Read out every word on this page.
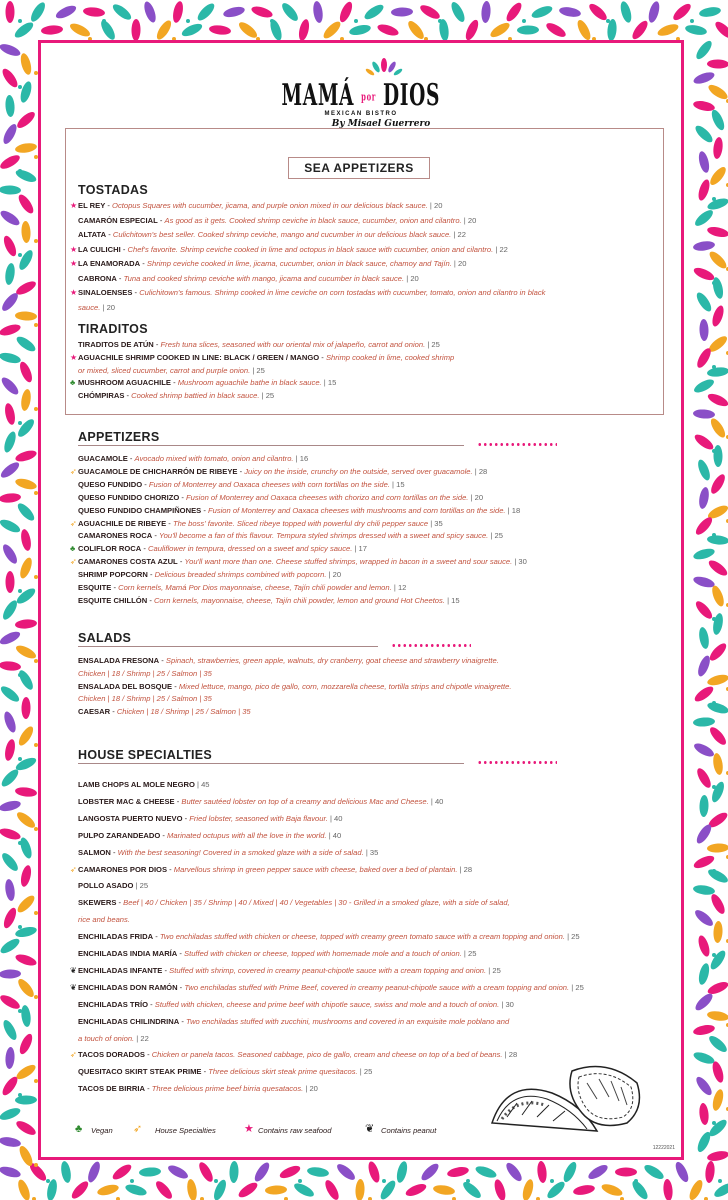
MAMÁ por DIOS
MEXICAN BISTRO
By Misael Guerrero
SEA APPETIZERS
TOSTADAS
★ EL REY - Octopus Squares with cucumber, jicama, and purple onion mixed in our delicious black sauce. | 20
CAMARÓN ESPECIAL - As good as it gets. Cooked shrimp ceviche in black sauce, cucumber, onion and cilantro. | 20
ALTATA - Culichitown's best seller. Cooked shrimp ceviche, mango and cucumber in our delicious black sauce. | 22
★ LA CULICHI - Chef's favorite. Shrimp ceviche cooked in lime and octopus in black sauce with cucumber, onion and cilantro. | 22
★ LA ENAMORADA - Shrimp ceviche cooked in lime, jicama, cucumber, onion in black sauce, chamoy and Tajín. | 20
CABRONA - Tuna and cooked shrimp ceviche with mango, jicama and cucumber in black sauce. | 20
★ SINALOENSES - Culichitown's famous. Shrimp cooked in lime ceviche on corn tostadas with cucumber, tomato, onion and cilantro in black
sauce. | 20
TIRADITOS
TIRADITOS DE ATÚN - Fresh tuna slices, seasoned with our oriental mix of jalapeño, carrot and onion. | 25
★ AGUACHILE SHRIMP COOKED IN LINE: BLACK / GREEN / MANGO - Shrimp cooked in lime, cooked shrimp
or mixed, sliced cucumber, carrot and purple onion. | 25
♣ MUSHROOM AGUACHILE - Mushroom aguachile bathe in black sauce. | 15
CHÓMPIRAS - Cooked shrimp battied in black sauce. | 25
APPETIZERS
GUACAMOLE - Avocado mixed with tomato, onion and cilantro. | 16
➶ GUACAMOLE DE CHICHARRÓN DE RIBEYE - Juicy on the inside, crunchy on the outside, served over guacamole. | 28
QUESO FUNDIDO - Fusion of Monterrey and Oaxaca cheeses with corn tortillas on the side. | 15
QUESO FUNDIDO CHORIZO - Fusion of Monterrey and Oaxaca cheeses with chorizo and corn tortillas on the side. | 20
QUESO FUNDIDO CHAMPIÑONES - Fusion of Monterrey and Oaxaca cheeses with mushrooms and corn tortillas on the side. | 18
➶ AGUACHILE DE RIBEYE - The boss' favorite. Sliced ribeye topped with powerful dry chili pepper sauce | 35
CAMARONES ROCA - You'll become a fan of this flavour. Tempura styled shrimps dressed with a sweet and spicy sauce. | 25
♣ COLIFLOR ROCA - Cauliflower in tempura, dressed on a sweet and spicy sauce. | 17
➶ CAMARONES COSTA AZUL - You'll want more than one. Cheese stuffed shrimps, wrapped in bacon in a sweet and sour sauce. | 30
SHRIMP POPCORN - Delicious breaded shrimps combined with popcorn. | 20
ESQUITE - Corn kernels, Mamá Por Dios mayonnaise, cheese, Tajín chili powder and lemon. | 12
ESQUITE CHILLÓN - Corn kernels, mayonnaise, cheese, Tajín chili powder, lemon and ground Hot Cheetos. | 15
SALADS
ENSALADA FRESONA - Spinach, strawberries, green apple, walnuts, dry cranberry, goat cheese and strawberry vinaigrette.
Chicken | 18 / Shrimp | 25 / Salmon | 35
ENSALADA DEL BOSQUE - Mixed lettuce, mango, pico de gallo, corn, mozzarella cheese, tortilla strips and chipotle vinaigrette.
Chicken | 18 / Shrimp | 25 / Salmon | 35
CAESAR - Chicken | 18 / Shrimp | 25 / Salmon | 35
HOUSE SPECIALTIES
LAMB CHOPS AL MOLE NEGRO | 45
LOBSTER MAC & CHEESE - Butter sautéed lobster on top of a creamy and delicious Mac and Cheese. | 40
LANGOSTA PUERTO NUEVO - Fried lobster, seasoned with Baja flavour. | 40
PULPO ZARANDEADO - Marinated octupus with all the love in the world. | 40
SALMON - With the best seasoning! Covered in a smoked glaze with a side of salad. | 35
➶ CAMARONES POR DIOS - Marvellous shrimp in green pepper sauce with cheese, baked over a bed of plantain. | 28
POLLO ASADO | 25
SKEWERS - Beef | 40 / Chicken | 35 / Shrimp | 40 / Mixed | 40 / Vegetables | 30 - Grilled in a smoked glaze, with a side of salad,
rice and beans.
ENCHILADAS FRIDA - Two enchiladas stuffed with chicken or cheese, topped with creamy green tomato sauce with a cream topping and onion. | 25
ENCHILADAS INDIA MARÍA - Stuffed with chicken or cheese, topped with homemade mole and a touch of onion. | 25
❦ ENCHILADAS INFANTE - Stuffed with shrimp, covered in creamy peanut-chipotle sauce with a cream topping and onion. | 25
❦ ENCHILADAS DON RAMÓN - Two enchiladas stuffed with Prime Beef, covered in creamy peanut-chipotle sauce with a cream topping and onion. | 25
ENCHILADAS TRÍO - Stuffed with chicken, cheese and prime beef with chipotle sauce, swiss and mole and a touch of onion. | 30
ENCHILADAS CHILINDRINA - Two enchiladas stuffed with zucchini, mushrooms and covered in an exquisite mole poblano and
a touch of onion. | 22
➶ TACOS DORADOS - Chicken or panela tacos. Seasoned cabbage, pico de gallo, cream and cheese on top of a bed of beans. | 28
QUESITACO SKIRT STEAK PRIME - Three delicious skirt steak prime quesitacos. | 25
TACOS DE BIRRIA - Three delicious prime beef birria quesatacos. | 20
♣ Vegan ➶ House Specialties	★ Contains raw seafood	❦ Contains peanut
12222021
